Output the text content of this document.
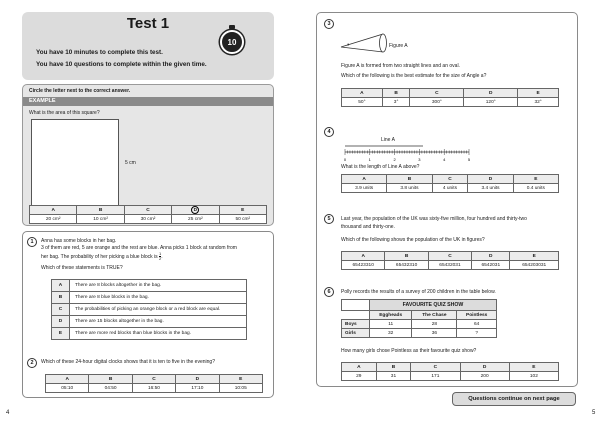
Test 1
You have 10 minutes to complete this test.
You have 10 questions to complete within the given time.
10
Circle the letter next to the correct answer.
EXAMPLE
What is the area of this square?
5 cm
A	B	C	D	E
20 cm²	10 cm²	30 cm²	25 cm²	50 cm²
1	Anna has some blocks in her bag.
3 of them are red, 5 are orange and the rest are blue. Anna picks 1 block at random from
her bag. The probability of her picking a blue block is $\frac{1}{2}$ .
Which of these statements is TRUE?
A	There are 8 blocks altogether in the bag.
B	There are 8 blue blocks in the bag.
C	The probabilities of picking an orange block or a red block are equal.
D	There are 15 blocks altogether in the bag.
E	There are more red blocks than blue blocks in the bag.
2	Which of these 24-hour digital clocks shows that it is ten to five in the evening?
A	B	C	D	E
05:10	04:50	16:50	17:10	10:05
4
3
a	Figure A
Figure A is formed from two straight lines and an oval.
Which of the following is the best estimate for the size of Angle a?
A	B	C	D	E
50°	3°	300°	120°	32°
4
Line A
0	1	2	3	4	5
What is the length of Line A above?
A	B	C	D	E
3.9 units	3.8 units	4 units	3.4 units	0.4 units
5	Last year, the population of the UK was sixty-five million, four hundred and thirty-two
thousand and thirty-one.
Which of the following shows the population of the UK in figures?
A	B	C	D	E
65423310	65432310	65432031	6542031	654203031
6	Polly records the results of a survey of 200 children in the table below.
	FAVOURITE QUIZ SHOW		
	Eggheads	The Chase	Pointless
Boys	11	28	64
Girls	32	36	?
How many girls chose Pointless as their favourite quiz show?
A	B	C	D	E
29	31	171	200	102
5
Questions continue on next page
